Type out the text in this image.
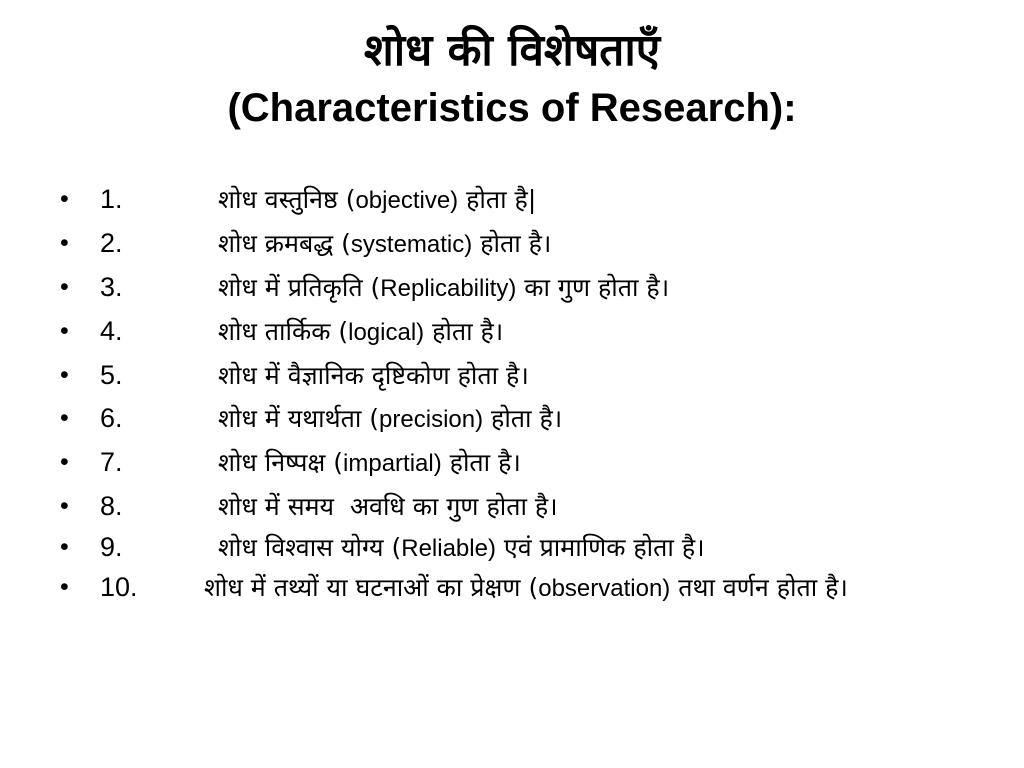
शोध की विशेषताएँ
(Characteristics of Research):
• 1.	शोध वस्तुनिष्ठ (objective) होता है|
• 2.	शोध क्रमबद्ध (systematic) होता है।
• 3.	शोध में प्रतिकृति (Replicability) का गुण होता है।
• 4.	शोध तार्किक (logical) होता है।
• 5.	शोध में वैज्ञानिक दृष्टिकोण होता है।
• 6.	शोध में यथार्थता (precision) होता है।
• 7.	शोध निष्पक्ष (impartial) होता है।
• 8.	शोध में समय  अवधि का गुण होता है।
• 9.	शोध विश्वास योग्य (Reliable) एवं प्रामाणिक होता है।
• 10.	शोध में तथ्यों या घटनाओं का प्रेक्षण (observation) तथा वर्णन होता है।
